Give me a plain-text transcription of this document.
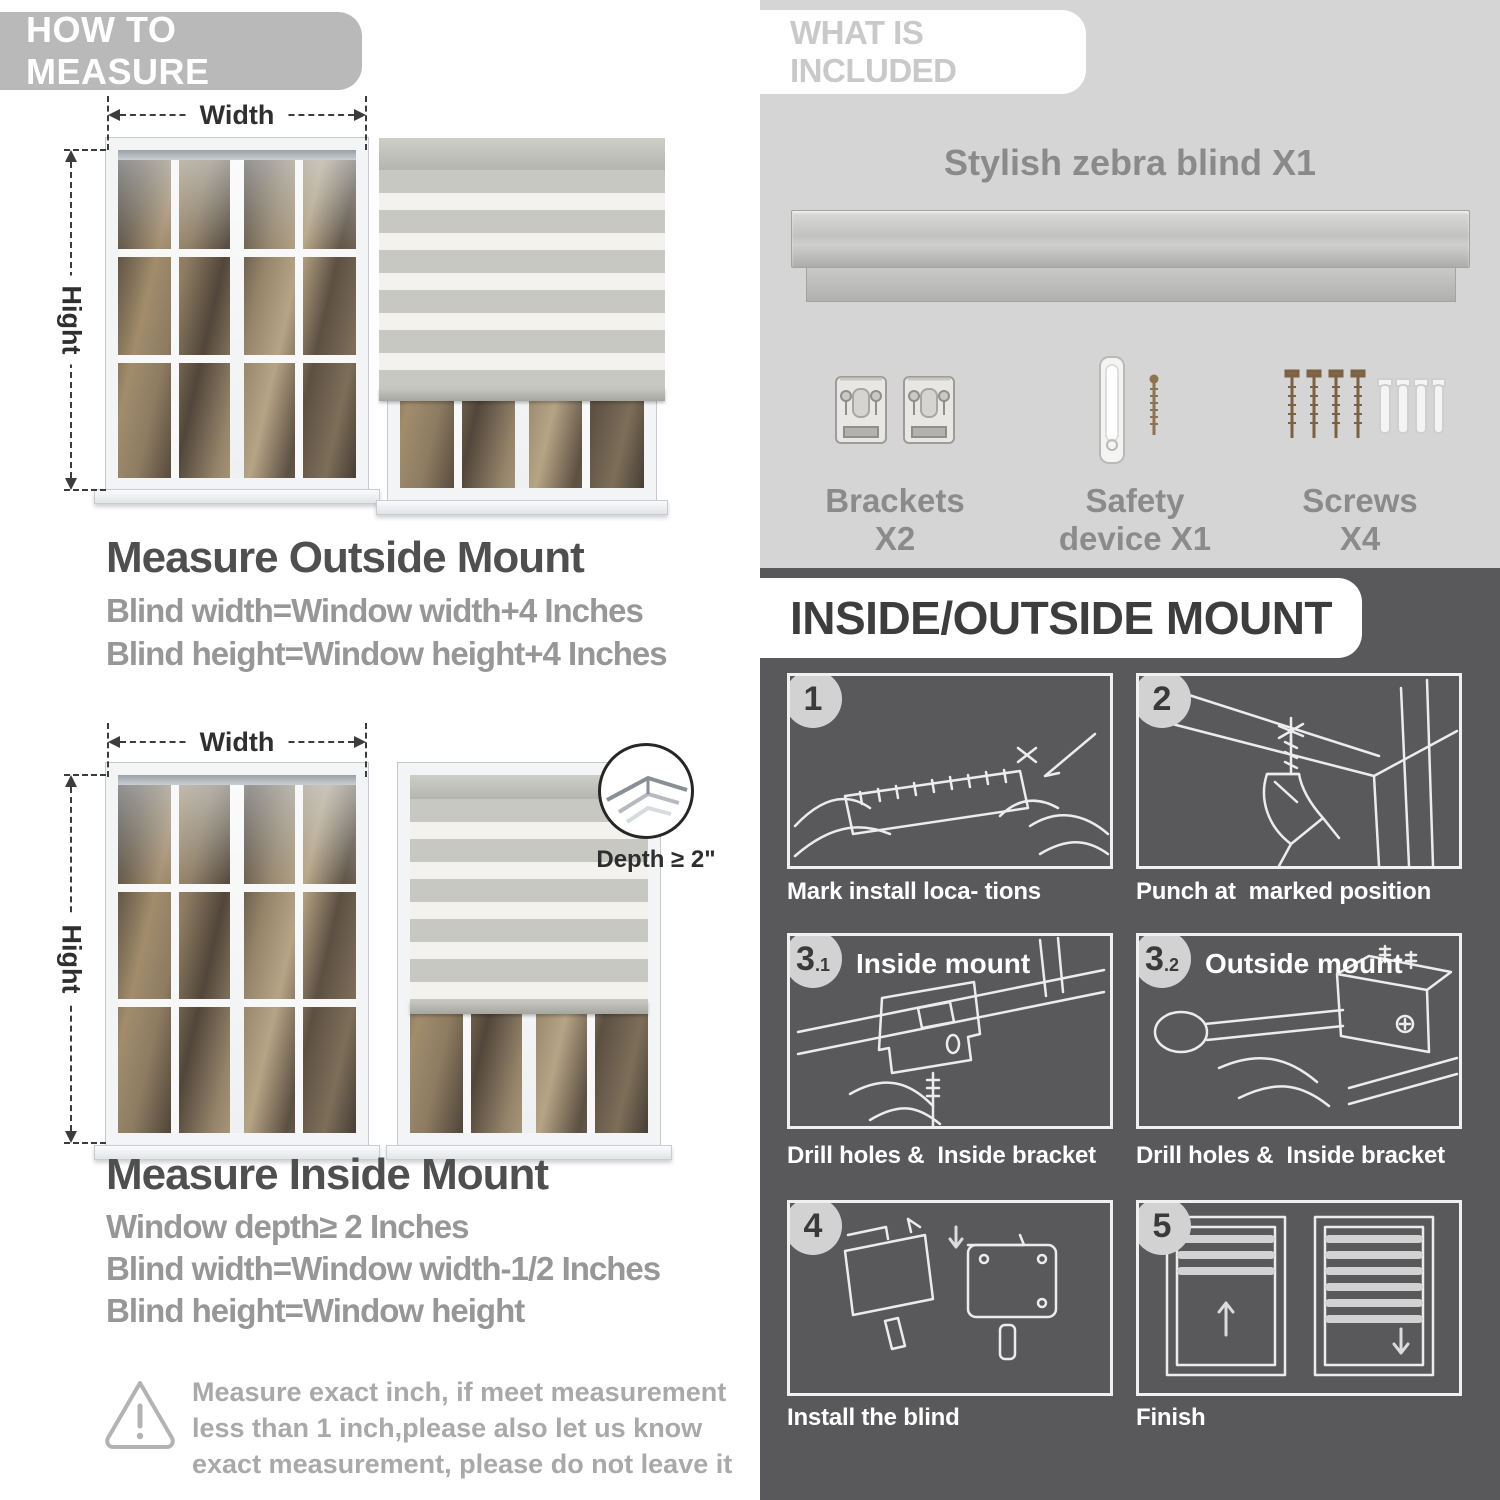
HOW TO MEASURE
Width
Hight
Measure Outside Mount
Blind width=Window width+4 Inches
Blind height=Window height+4 Inches
Width
Hight
Depth ≥ 2"
Measure Inside Mount
Window depth≥ 2 Inches
Blind width=Window width-1/2 Inches
Blind height=Window height
Measure exact inch, if meet measurement less than 1 inch,please also let us know exact measurement, please do not leave it
WHAT IS INCLUDED
Stylish zebra blind X1
Brackets X2
Safety device X1
Screws X4
INSIDE/OUTSIDE MOUNT
1
Mark install loca- tions
2
Punch at  marked position
3 .1 Inside mount
Drill holes &  Inside bracket
3 .2 Outside mount
Drill holes &  Inside bracket
4
Install the blind
5
Finish
